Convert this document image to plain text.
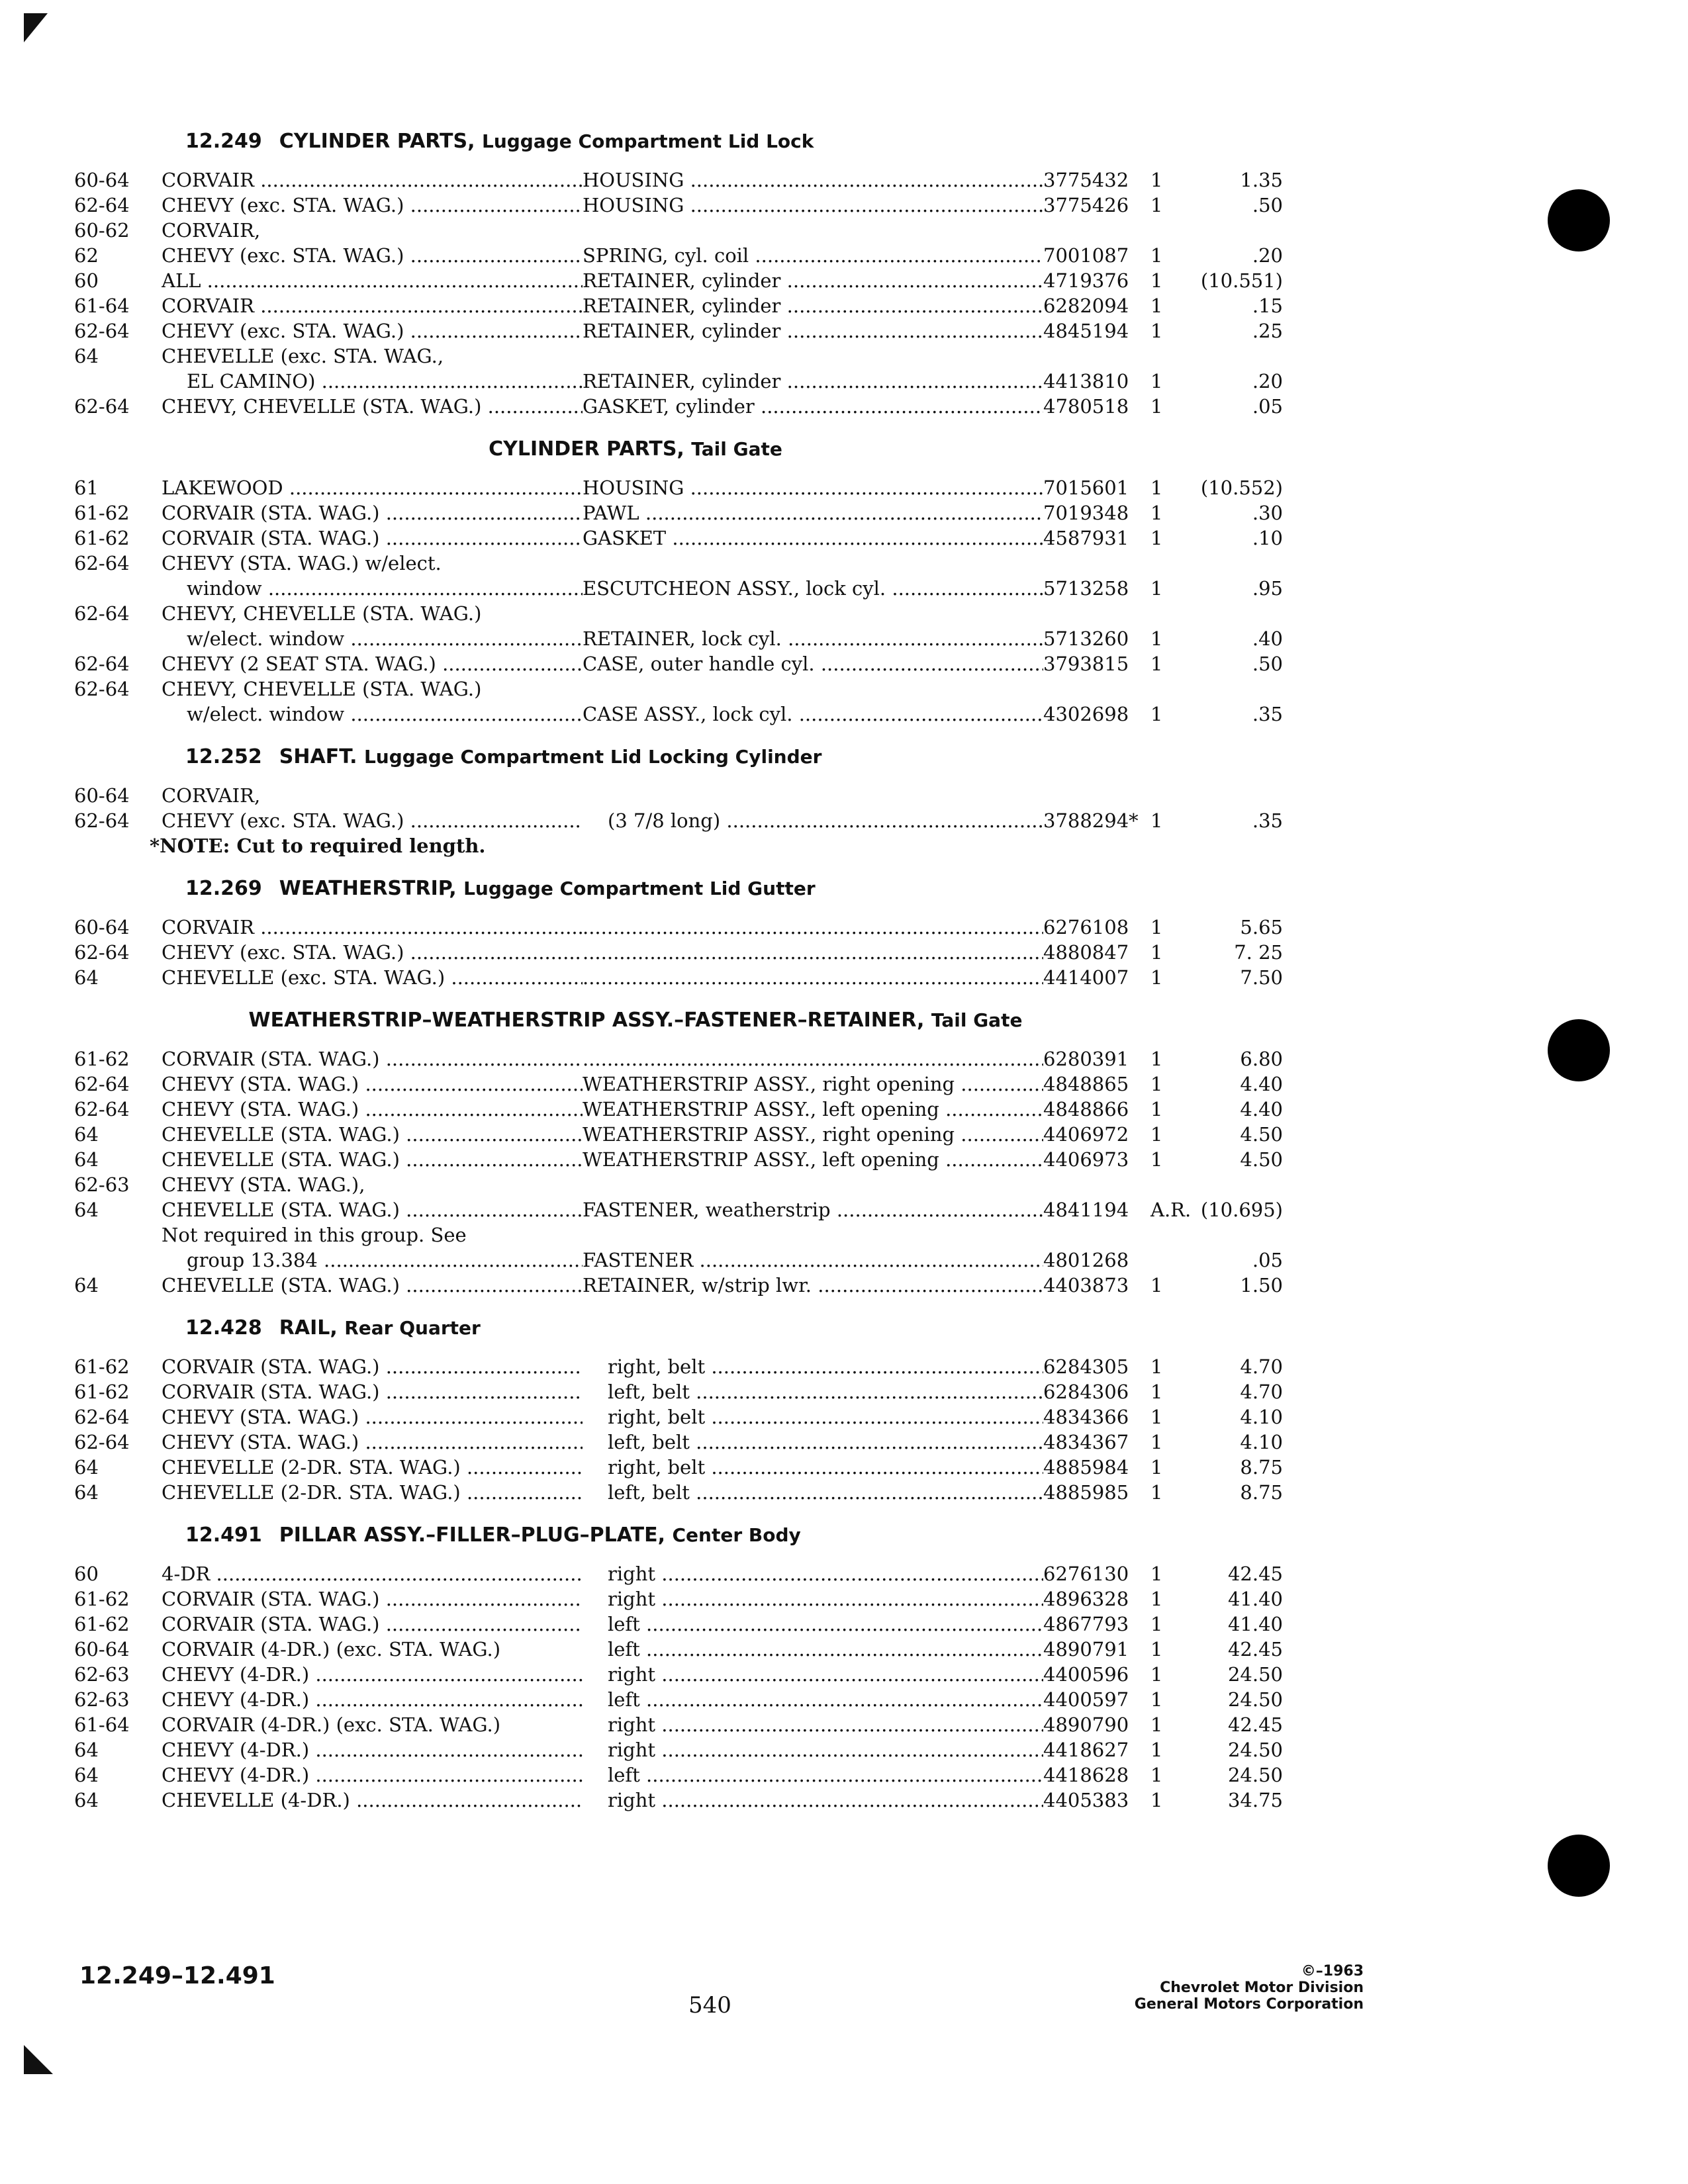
12.249 CYLINDER PARTS, Luggage Compartment Lid Lock
60-64	CORVAIR .....	HOUSING .....	3775432	1	1.35
62-64	CHEVY (exc. STA. WAG.) .....	HOUSING .....	3775426	1	.50
60-62	CORVAIR,
62	CHEVY (exc. STA. WAG.) .....	SPRING, cyl. coil .....	7001087	1	.20
60	ALL .....	RETAINER, cylinder .....	4719376	1	(10.551)
61-64	CORVAIR .....	RETAINER, cylinder .....	6282094	1	.15
62-64	CHEVY (exc. STA. WAG.) .....	RETAINER, cylinder .....	4845194	1	.25
64	CHEVELLE (exc. STA. WAG.,
EL CAMINO) .....	RETAINER, cylinder .....	4413810	1	.20
62-64	CHEVY, CHEVELLE (STA. WAG.) .....	GASKET, cylinder .....	4780518	1	.05
CYLINDER PARTS, Tail Gate
61	LAKEWOOD .....	HOUSING .....	7015601	1	(10.552)
61-62	CORVAIR (STA. WAG.) .....	PAWL .....	7019348	1	.30
61-62	CORVAIR (STA. WAG.) .....	GASKET .....	4587931	1	.10
62-64	CHEVY (STA. WAG.) w/elect.
window .....	ESCUTCHEON ASSY., lock cyl. .....	5713258	1	.95
62-64	CHEVY, CHEVELLE (STA. WAG.)
w/elect. window .....	RETAINER, lock cyl. .....	5713260	1	.40
62-64	CHEVY (2 SEAT STA. WAG.) .....	CASE, outer handle cyl. .....	3793815	1	.50
62-64	CHEVY, CHEVELLE (STA. WAG.)
w/elect. window .....	CASE ASSY., lock cyl. .....	4302698	1	.35
12.252 SHAFT. Luggage Compartment Lid Locking Cylinder
60-64	CORVAIR,
62-64	CHEVY (exc. STA. WAG.) .....	(3 7/8 long) .....	3788294* 1	.35
*NOTE: Cut to required length.
12.269 WEATHERSTRIP, Luggage Compartment Lid Gutter
60-64	CORVAIR ..... .....	6276108	1	5.65
62-64	CHEVY (exc. STA. WAG.) ..... .....	4880847	1	7. 25
64	CHEVELLE (exc. STA. WAG.) ..... .....	4414007	1	7.50
WEATHERSTRIP–WEATHERSTRIP ASSY.–FASTENER–RETAINER, Tail Gate
61-62	CORVAIR (STA. WAG.) ..... .....	6280391	1	6.80
62-64	CHEVY (STA. WAG.) .....	WEATHERSTRIP ASSY., right opening .....	4848865	1	4.40
62-64	CHEVY (STA. WAG.) .....	WEATHERSTRIP ASSY., left opening .....	4848866	1	4.40
64	CHEVELLE (STA. WAG.) .....	WEATHERSTRIP ASSY., right opening .....	4406972	1	4.50
64	CHEVELLE (STA. WAG.) .....	WEATHERSTRIP ASSY., left opening .....	4406973	1	4.50
62-63	CHEVY (STA. WAG.),
64	CHEVELLE (STA. WAG.) .....	FASTENER, weatherstrip .....	4841194	A.R. (10.695)
Not required in this group. See
group 13.384 .....	FASTENER .....	4801268	.05
64	CHEVELLE (STA. WAG.) .....	RETAINER, w/strip lwr. .....	4403873	1	1.50
12.428 RAIL, Rear Quarter
61-62	CORVAIR (STA. WAG.) .....	right, belt .....	6284305	1	4.70
61-62	CORVAIR (STA. WAG.) .....	left, belt .....	6284306	1	4.70
62-64	CHEVY (STA. WAG.) .....	right, belt .....	4834366	1	4.10
62-64	CHEVY (STA. WAG.) .....	left, belt .....	4834367	1	4.10
64	CHEVELLE (2-DR. STA. WAG.) .....	right, belt .....	4885984	1	8.75
64	CHEVELLE (2-DR. STA. WAG.) .....	left, belt .....	4885985	1	8.75
12.491 PILLAR ASSY.–FILLER–PLUG–PLATE, Center Body
60	4-DR .....	right .....	6276130	1	42.45
61-62	CORVAIR (STA. WAG.) .....	right .....	4896328	1	41.40
61-62	CORVAIR (STA. WAG.) .....	left .....	4867793	1	41.40
60-64	CORVAIR (4-DR.) (exc. STA. WAG.)	left .....	4890791	1	42.45
62-63	CHEVY (4-DR.) .....	right .....	4400596	1	24.50
62-63	CHEVY (4-DR.) .....	left .....	4400597	1	24.50
61-64	CORVAIR (4-DR.) (exc. STA. WAG.)	right .....	4890790	1	42.45
64	CHEVY (4-DR.) .....	right .....	4418627	1	24.50
64	CHEVY (4-DR.) .....	left .....	4418628	1	24.50
64	CHEVELLE (4-DR.) .....	right .....	4405383	1	34.75
12.249–12.491
540
©–1963
Chevrolet Motor Division
General Motors Corporation
